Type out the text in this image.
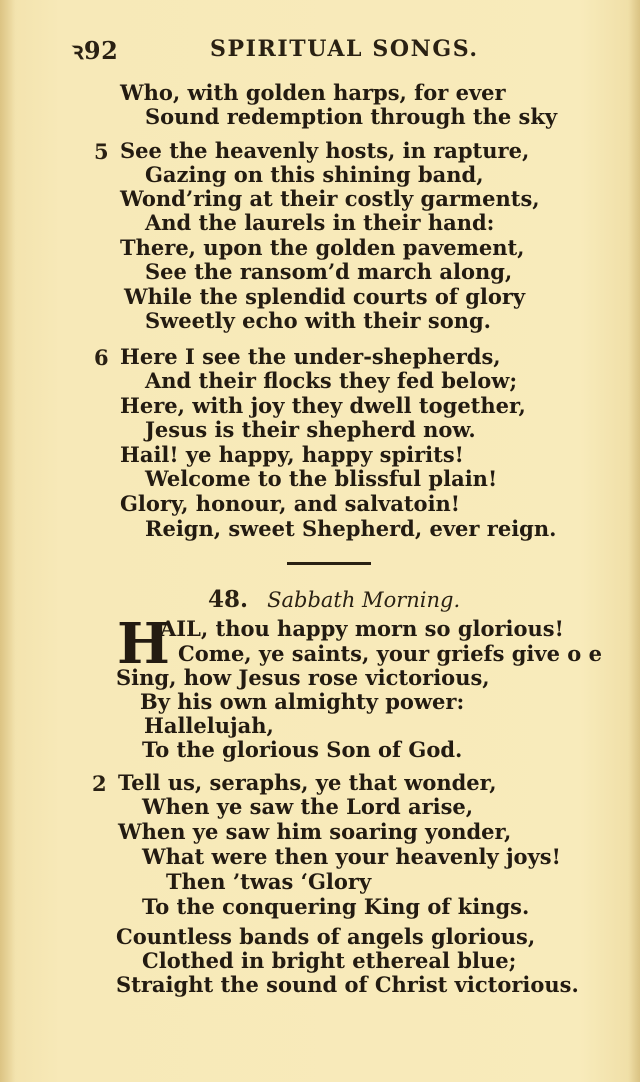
ꝛ92	SPIRITUAL SONGS.
Who, with golden harps, for ever
Sound redemption through the sky
5 See the heavenly hosts, in rapture,
Gazing on this shining band,
Wond’ring at their costly garments,
And the laurels in their hand:
There, upon the golden pavement,
See the ransom’d march along,
While the splendid courts of glory
Sweetly echo with their song.
6 Here I see the under-shepherds,
And their flocks they fed below;
Here, with joy they dwell together,
Jesus is their shepherd now.
Hail! ye happy, happy spirits!
Welcome to the blissful plain!
Glory, honour, and salvatoin!
Reign, sweet Shepherd, ever reign.
48. Sabbath Morning.
H
AIL, thou happy morn so glorious!
Come, ye saints, your griefs give o e
Sing, how Jesus rose victorious,
By his own almighty power:
Hallelujah,
To the glorious Son of God.
2 Tell us, seraphs, ye that wonder,
When ye saw the Lord arise,
When ye saw him soaring yonder,
What were then your heavenly joys!
Then ’twas ‘Glory
To the conquering King of kings.
Countless bands of angels glorious,
Clothed in bright ethereal blue;
Straight the sound of Christ victorious.
